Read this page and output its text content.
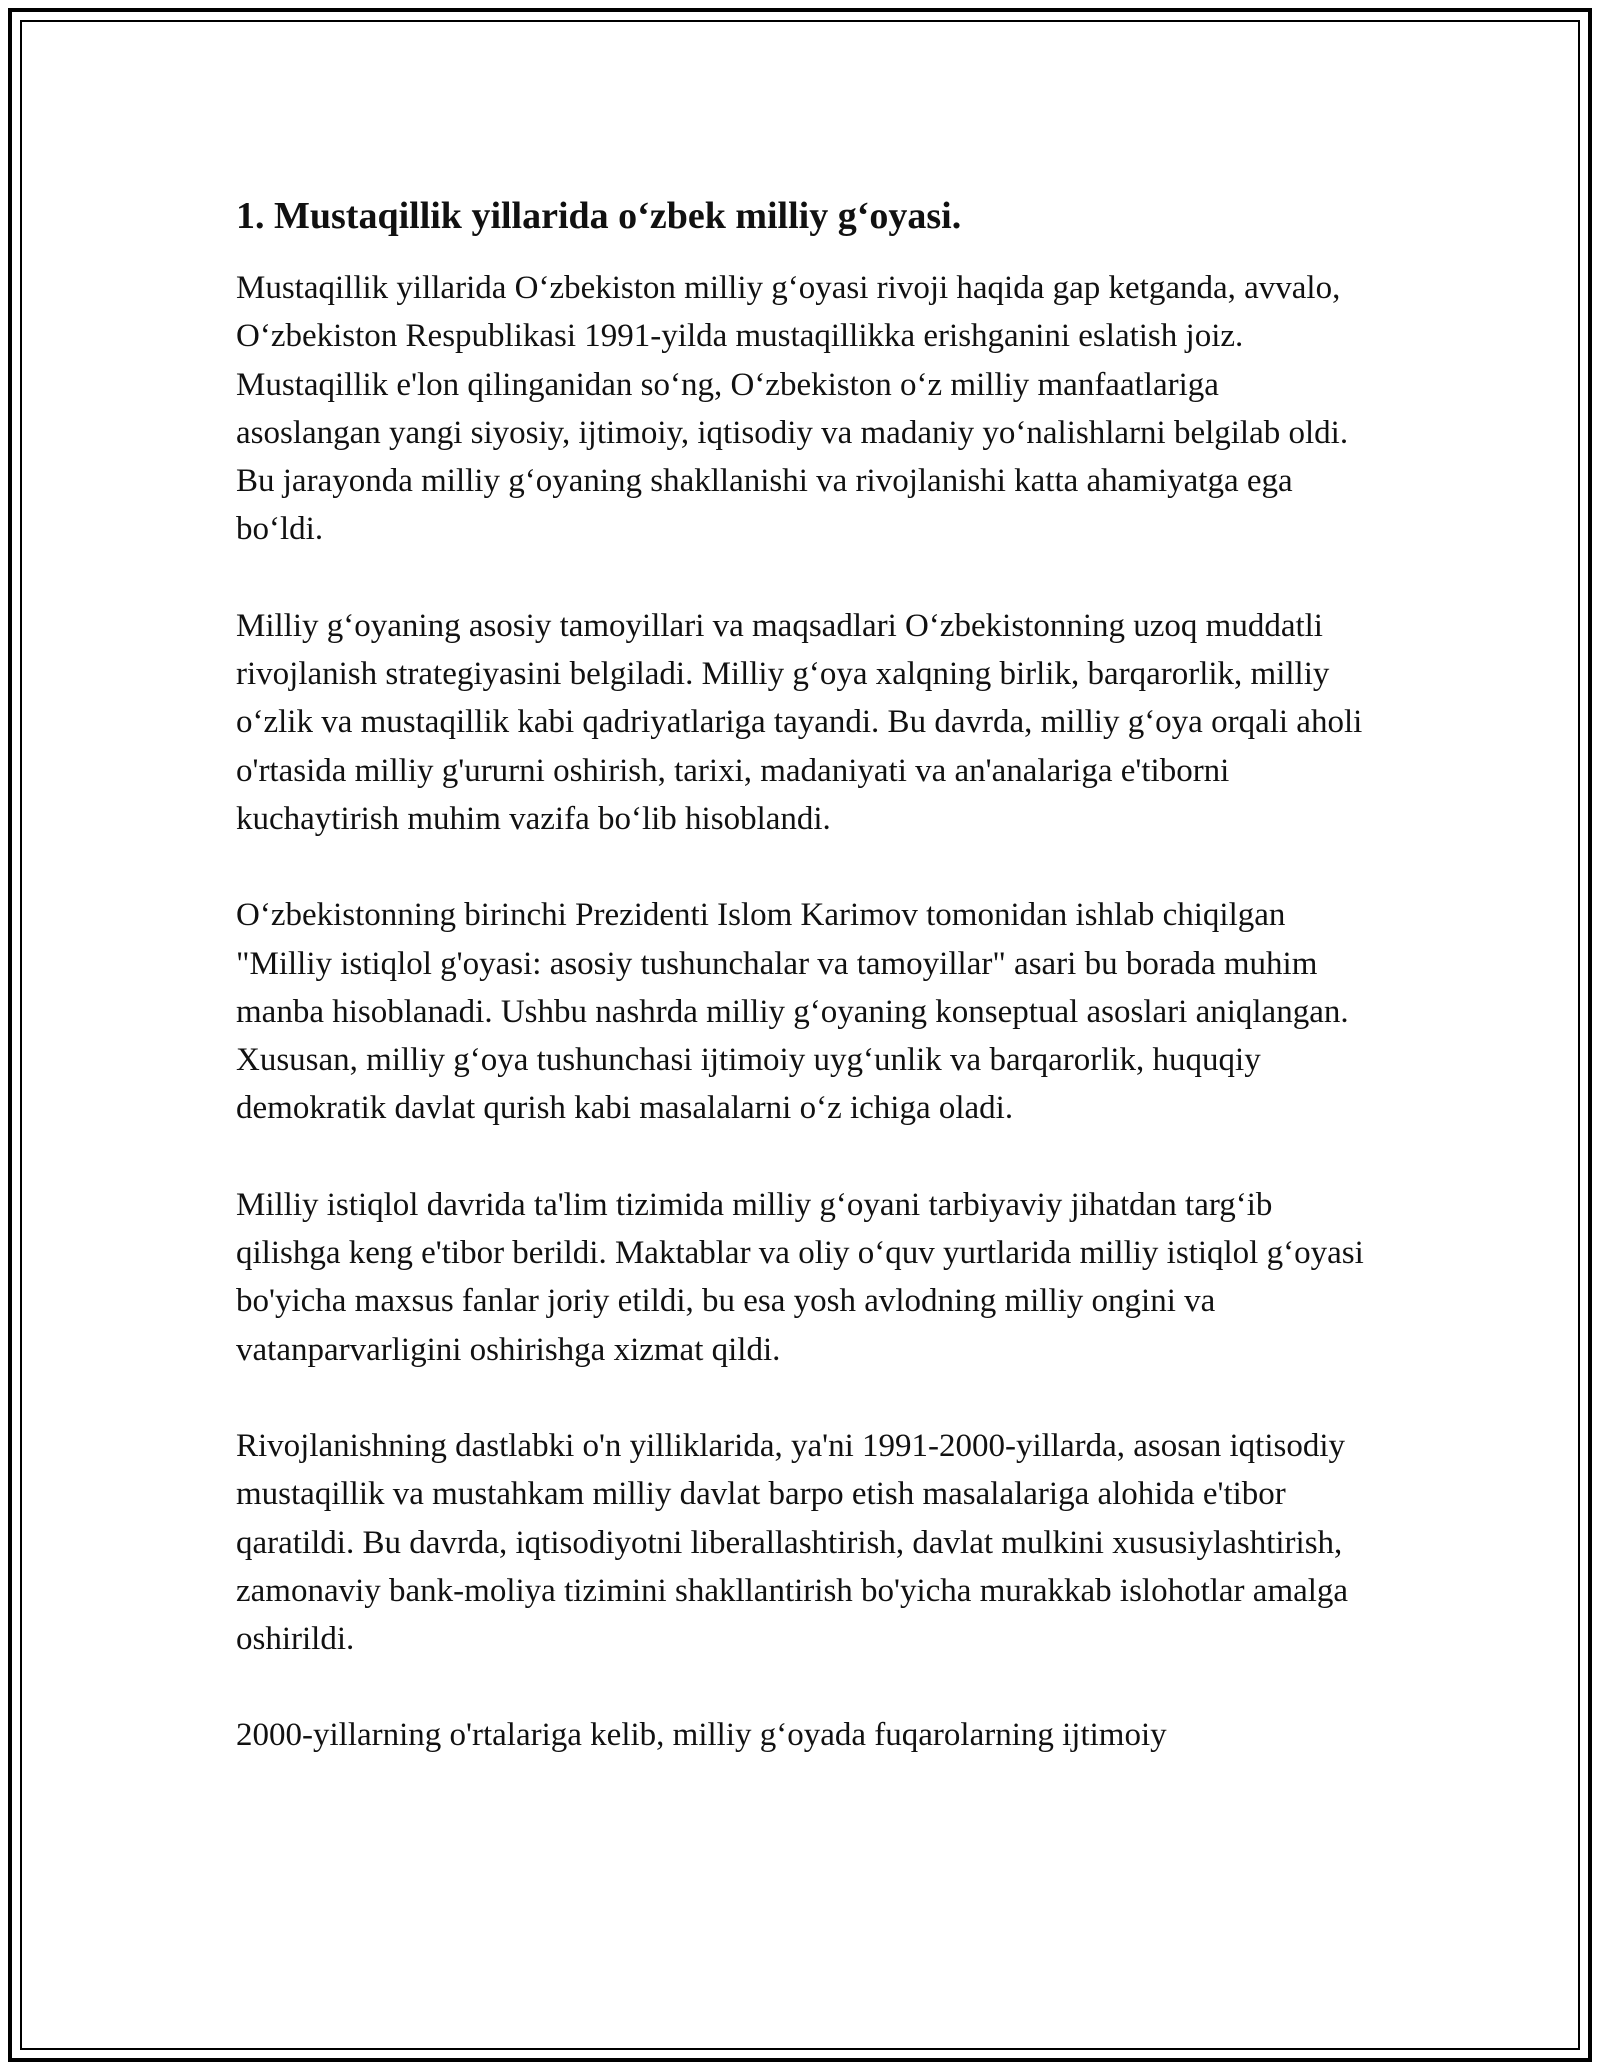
1. Mustaqillik yillarida o‘zbek milliy g‘oyasi.

Mustaqillik yillarida O‘zbekiston milliy g‘oyasi rivoji haqida gap ketganda, avvalo, O‘zbekiston Respublikasi 1991-yilda mustaqillikka erishganini eslatish joiz. Mustaqillik e'lon qilinganidan so‘ng, O‘zbekiston o‘z milliy manfaatlariga asoslangan yangi siyosiy, ijtimoiy, iqtisodiy va madaniy yo‘nalishlarni belgilab oldi. Bu jarayonda milliy g‘oyaning shakllanishi va rivojlanishi katta ahamiyatga ega bo‘ldi.

Milliy g‘oyaning asosiy tamoyillari va maqsadlari O‘zbekistonning uzoq muddatli rivojlanish strategiyasini belgiladi. Milliy g‘oya xalqning birlik, barqarorlik, milliy o‘zlik va mustaqillik kabi qadriyatlariga tayandi. Bu davrda, milliy g‘oya orqali aholi o'rtasida milliy g'ururni oshirish, tarixi, madaniyati va an'analariga e'tiborni kuchaytirish muhim vazifa bo‘lib hisoblandi.

O‘zbekistonning birinchi Prezidenti Islom Karimov tomonidan ishlab chiqilgan "Milliy istiqlol g'oyasi: asosiy tushunchalar va tamoyillar" asari bu borada muhim manba hisoblanadi. Ushbu nashrda milliy g‘oyaning konseptual asoslari aniqlangan. Xususan, milliy g‘oya tushunchasi ijtimoiy uyg‘unlik va barqarorlik, huquqiy demokratik davlat qurish kabi masalalarni o‘z ichiga oladi.

Milliy istiqlol davrida ta'lim tizimida milliy g‘oyani tarbiyaviy jihatdan targ‘ib qilishga keng e'tibor berildi. Maktablar va oliy o‘quv yurtlarida milliy istiqlol g‘oyasi bo'yicha maxsus fanlar joriy etildi, bu esa yosh avlodning milliy ongini va vatanparvarligini oshirishga xizmat qildi.

Rivojlanishning dastlabki o'n yilliklarida, ya'ni 1991-2000-yillarda, asosan iqtisodiy mustaqillik va mustahkam milliy davlat barpo etish masalalariga alohida e'tibor qaratildi. Bu davrda, iqtisodiyotni liberallashtirish, davlat mulkini xususiylashtirish, zamonaviy bank-moliya tizimini shakllantirish bo'yicha murakkab islohotlar amalga oshirildi.

2000-yillarning o'rtalariga kelib, milliy g‘oyada fuqarolarning ijtimoiy
